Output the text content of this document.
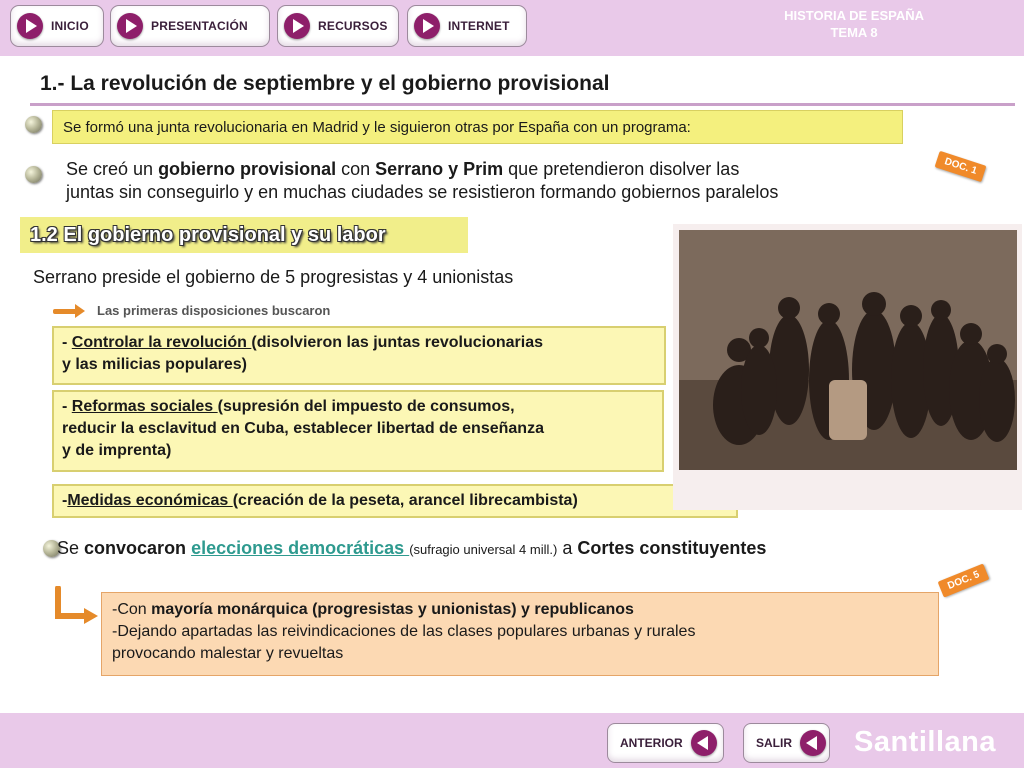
INICIO	PRESENTACIÓN	RECURSOS	INTERNET
HISTORIA DE ESPAÑA
TEMA 8
1.- La revolución de septiembre y el gobierno provisional
Se formó una junta revolucionaria en Madrid y le siguieron otras por España con un programa:
Se creó un gobierno provisional con Serrano y Prim que pretendieron disolver las
juntas sin conseguirlo y en muchas ciudades se resistieron formando gobiernos paralelos
DOC. 1
1.2 El gobierno provisional y su labor
Serrano preside el gobierno de 5 progresistas y 4 unionistas
Las primeras disposiciones buscaron
- Controlar la revolución (disolvieron las juntas revolucionarias
y las milicias populares)
- Reformas sociales (supresión del impuesto de consumos,
reducir la esclavitud en Cuba, establecer libertad de enseñanza
y de imprenta)
-Medidas económicas (creación de la peseta, arancel librecambista)
Se convocaron elecciones democráticas (sufragio universal 4 mill.) a Cortes constituyentes
DOC. 5
-Con mayoría monárquica (progresistas y unionistas) y republicanos
-Dejando apartadas las reivindicaciones de las clases populares urbanas y rurales
provocando malestar y revueltas
ANTERIOR	SALIR Santillana
